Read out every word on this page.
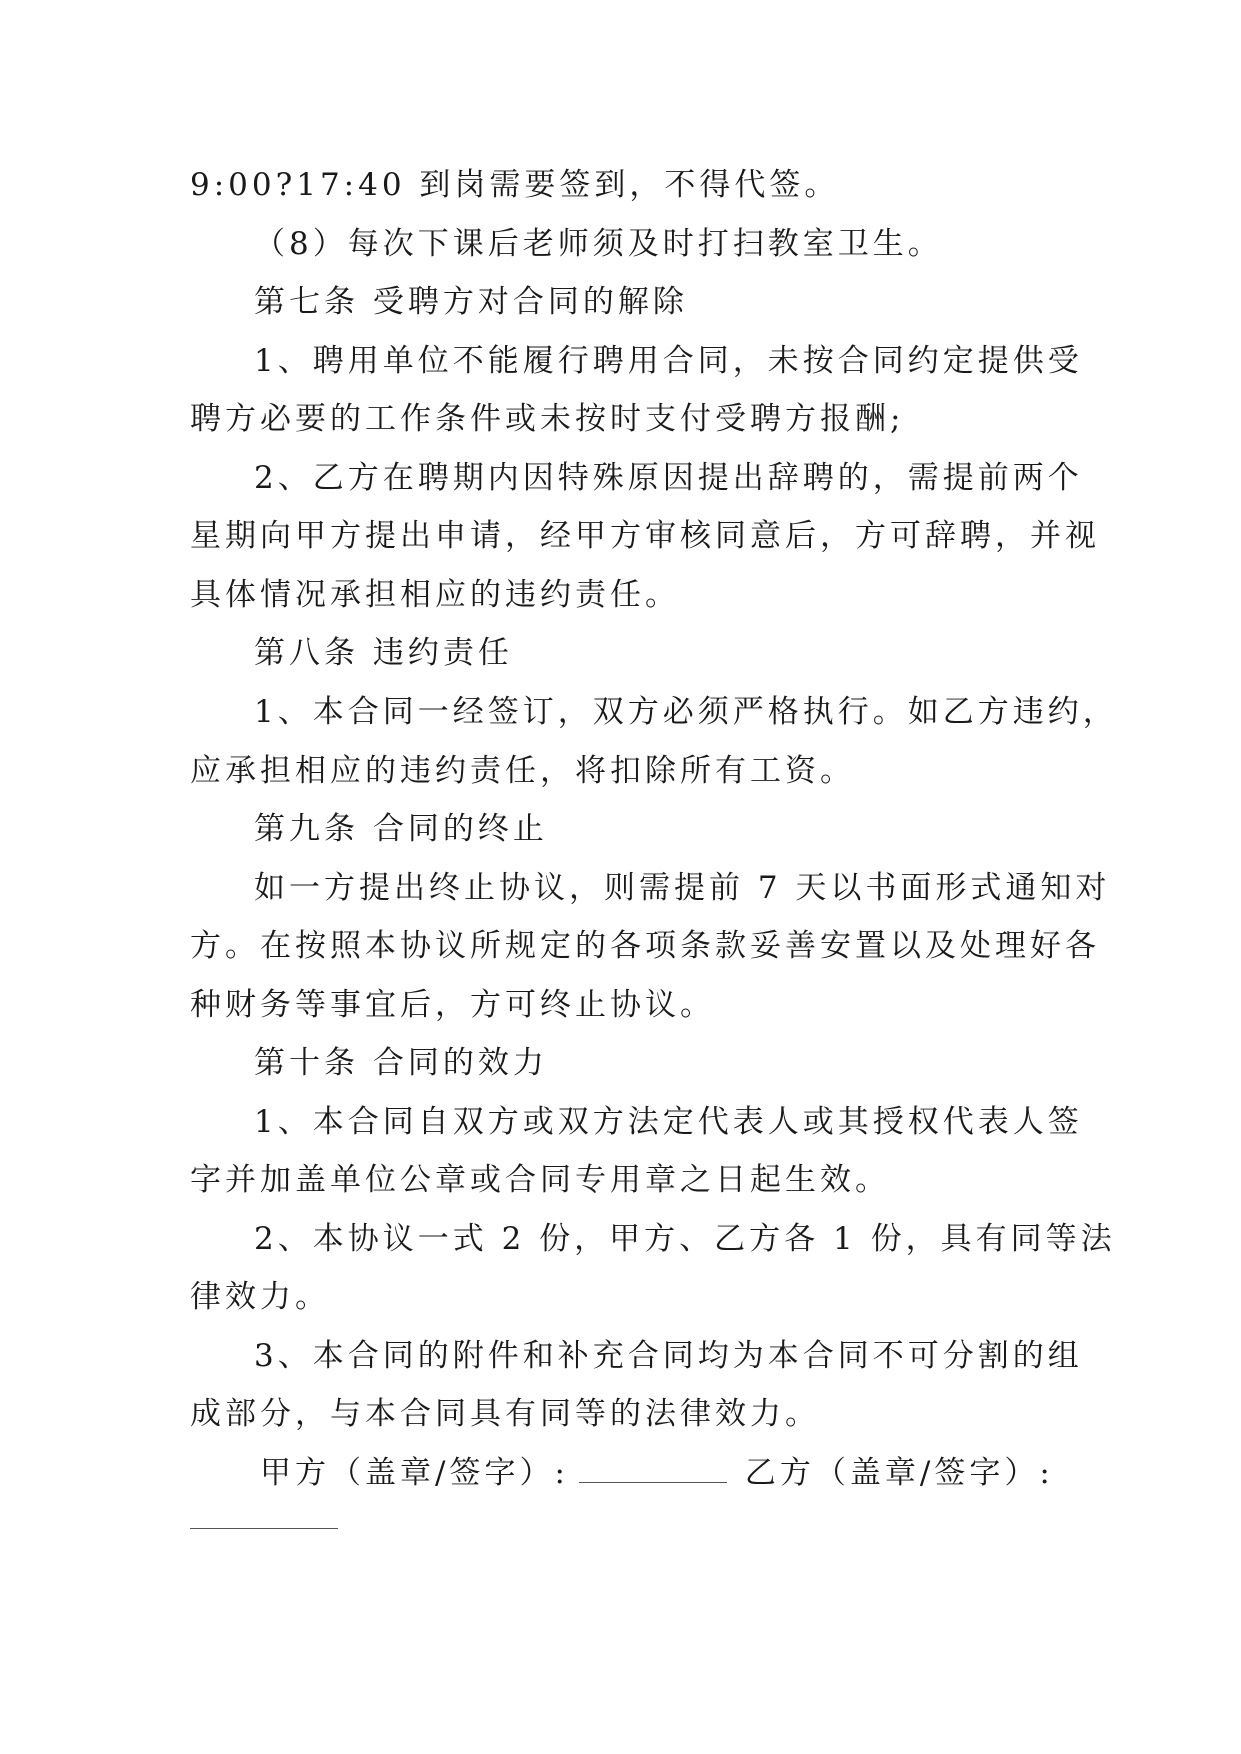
9:00?17:40 到岗需要签到，不得代签。
（8）每次下课后老师须及时打扫教室卫生。
第七条 受聘方对合同的解除
1、聘用单位不能履行聘用合同，未按合同约定提供受
聘方必要的工作条件或未按时支付受聘方报酬;
2、乙方在聘期内因特殊原因提出辞聘的，需提前两个
星期向甲方提出申请，经甲方审核同意后，方可辞聘，并视
具体情况承担相应的违约责任。
第八条 违约责任
1、本合同一经签订，双方必须严格执行。如乙方违约，
应承担相应的违约责任，将扣除所有工资。
第九条 合同的终止
如一方提出终止协议，则需提前 7 天以书面形式通知对
方。在按照本协议所规定的各项条款妥善安置以及处理好各
种财务等事宜后，方可终止协议。
第十条 合同的效力
1、本合同自双方或双方法定代表人或其授权代表人签
字并加盖单位公章或合同专用章之日起生效。
2、本协议一式 2 份，甲方、乙方各 1 份，具有同等法
律效力。
3、本合同的附件和补充合同均为本合同不可分割的组
成部分，与本合同具有同等的法律效力。
甲方（盖章/签字）:	乙方（盖章/签字）:
